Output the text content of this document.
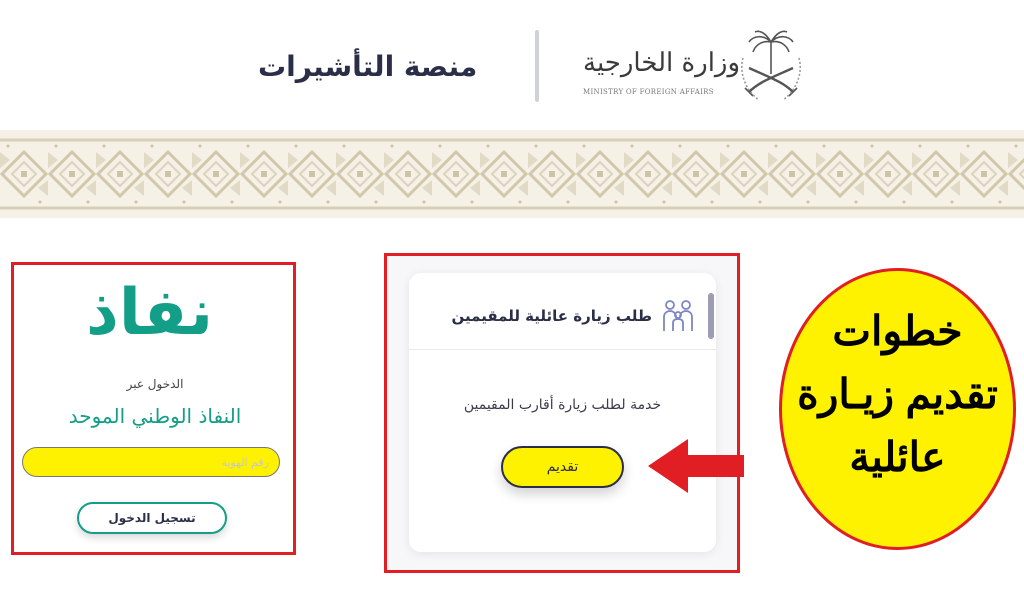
منصة التأشيرات	وزارة الخارجية
MINISTRY OF FOREIGN AFFAIRS
نفاذ
الدخول عبر
النفاذ الوطني الموحد
رقم الهوية
تسجيل الدخول
طلب زيارة عائلية للمقيمين
خدمة لطلب زيارة أقارب المقيمين
تقديم
خطوات
تقديم زيـارة
عائلية
